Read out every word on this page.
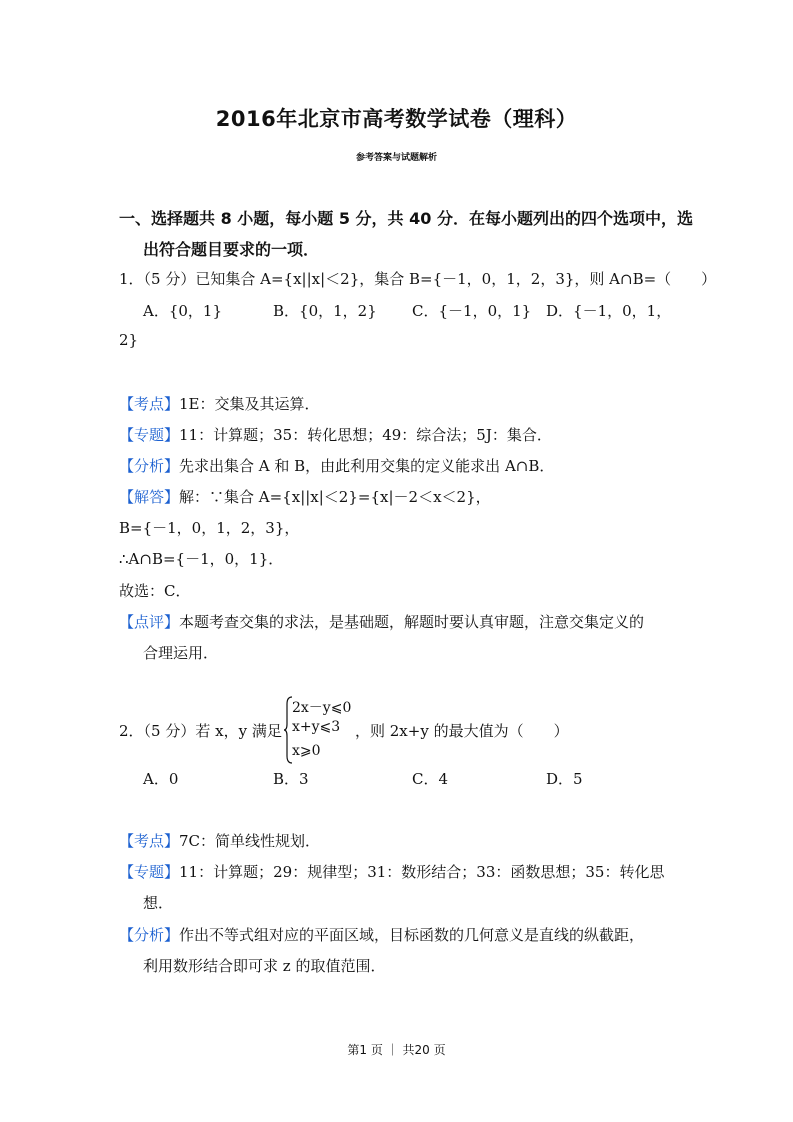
2016年北京市高考数学试卷（理科）
参考答案与试题解析
一、选择题共 8 小题，每小题 5 分，共 40 分．在每小题列出的四个选项中，选
出符合题目要求的一项．
1．（5 分）已知集合 A={x||x|＜2}，集合 B={－1，0，1，2，3}，则 A∩B=（　　）
A．{0，1}	B．{0，1，2} C．{－1，0，1} D．{－1，0，1，
2}
【考点】1E：交集及其运算．
【专题】11：计算题；35：转化思想；49：综合法；5J：集合．
【分析】先求出集合 A 和 B，由此利用交集的定义能求出 A∩B．
【解答】解：∵集合 A={x||x|＜2}={x|－2＜x＜2}，
B={－1，0，1，2，3}，
∴A∩B={－1，0，1}．
故选：C．
【点评】本题考查交集的求法，是基础题，解题时要认真审题，注意交集定义的
合理运用．
2．（5 分）若 x，y 满足
2x－y⩽0
x+y⩽3
x⩾0
，则 2x+y 的最大值为（　　）
A．0	B．3	C．4	D．5
【考点】7C：简单线性规划．
【专题】11：计算题；29：规律型；31：数形结合；33：函数思想；35：转化思
想．
【分析】作出不等式组对应的平面区域，目标函数的几何意义是直线的纵截距，
利用数形结合即可求 z 的取值范围．
第1 页 ｜ 共20 页
